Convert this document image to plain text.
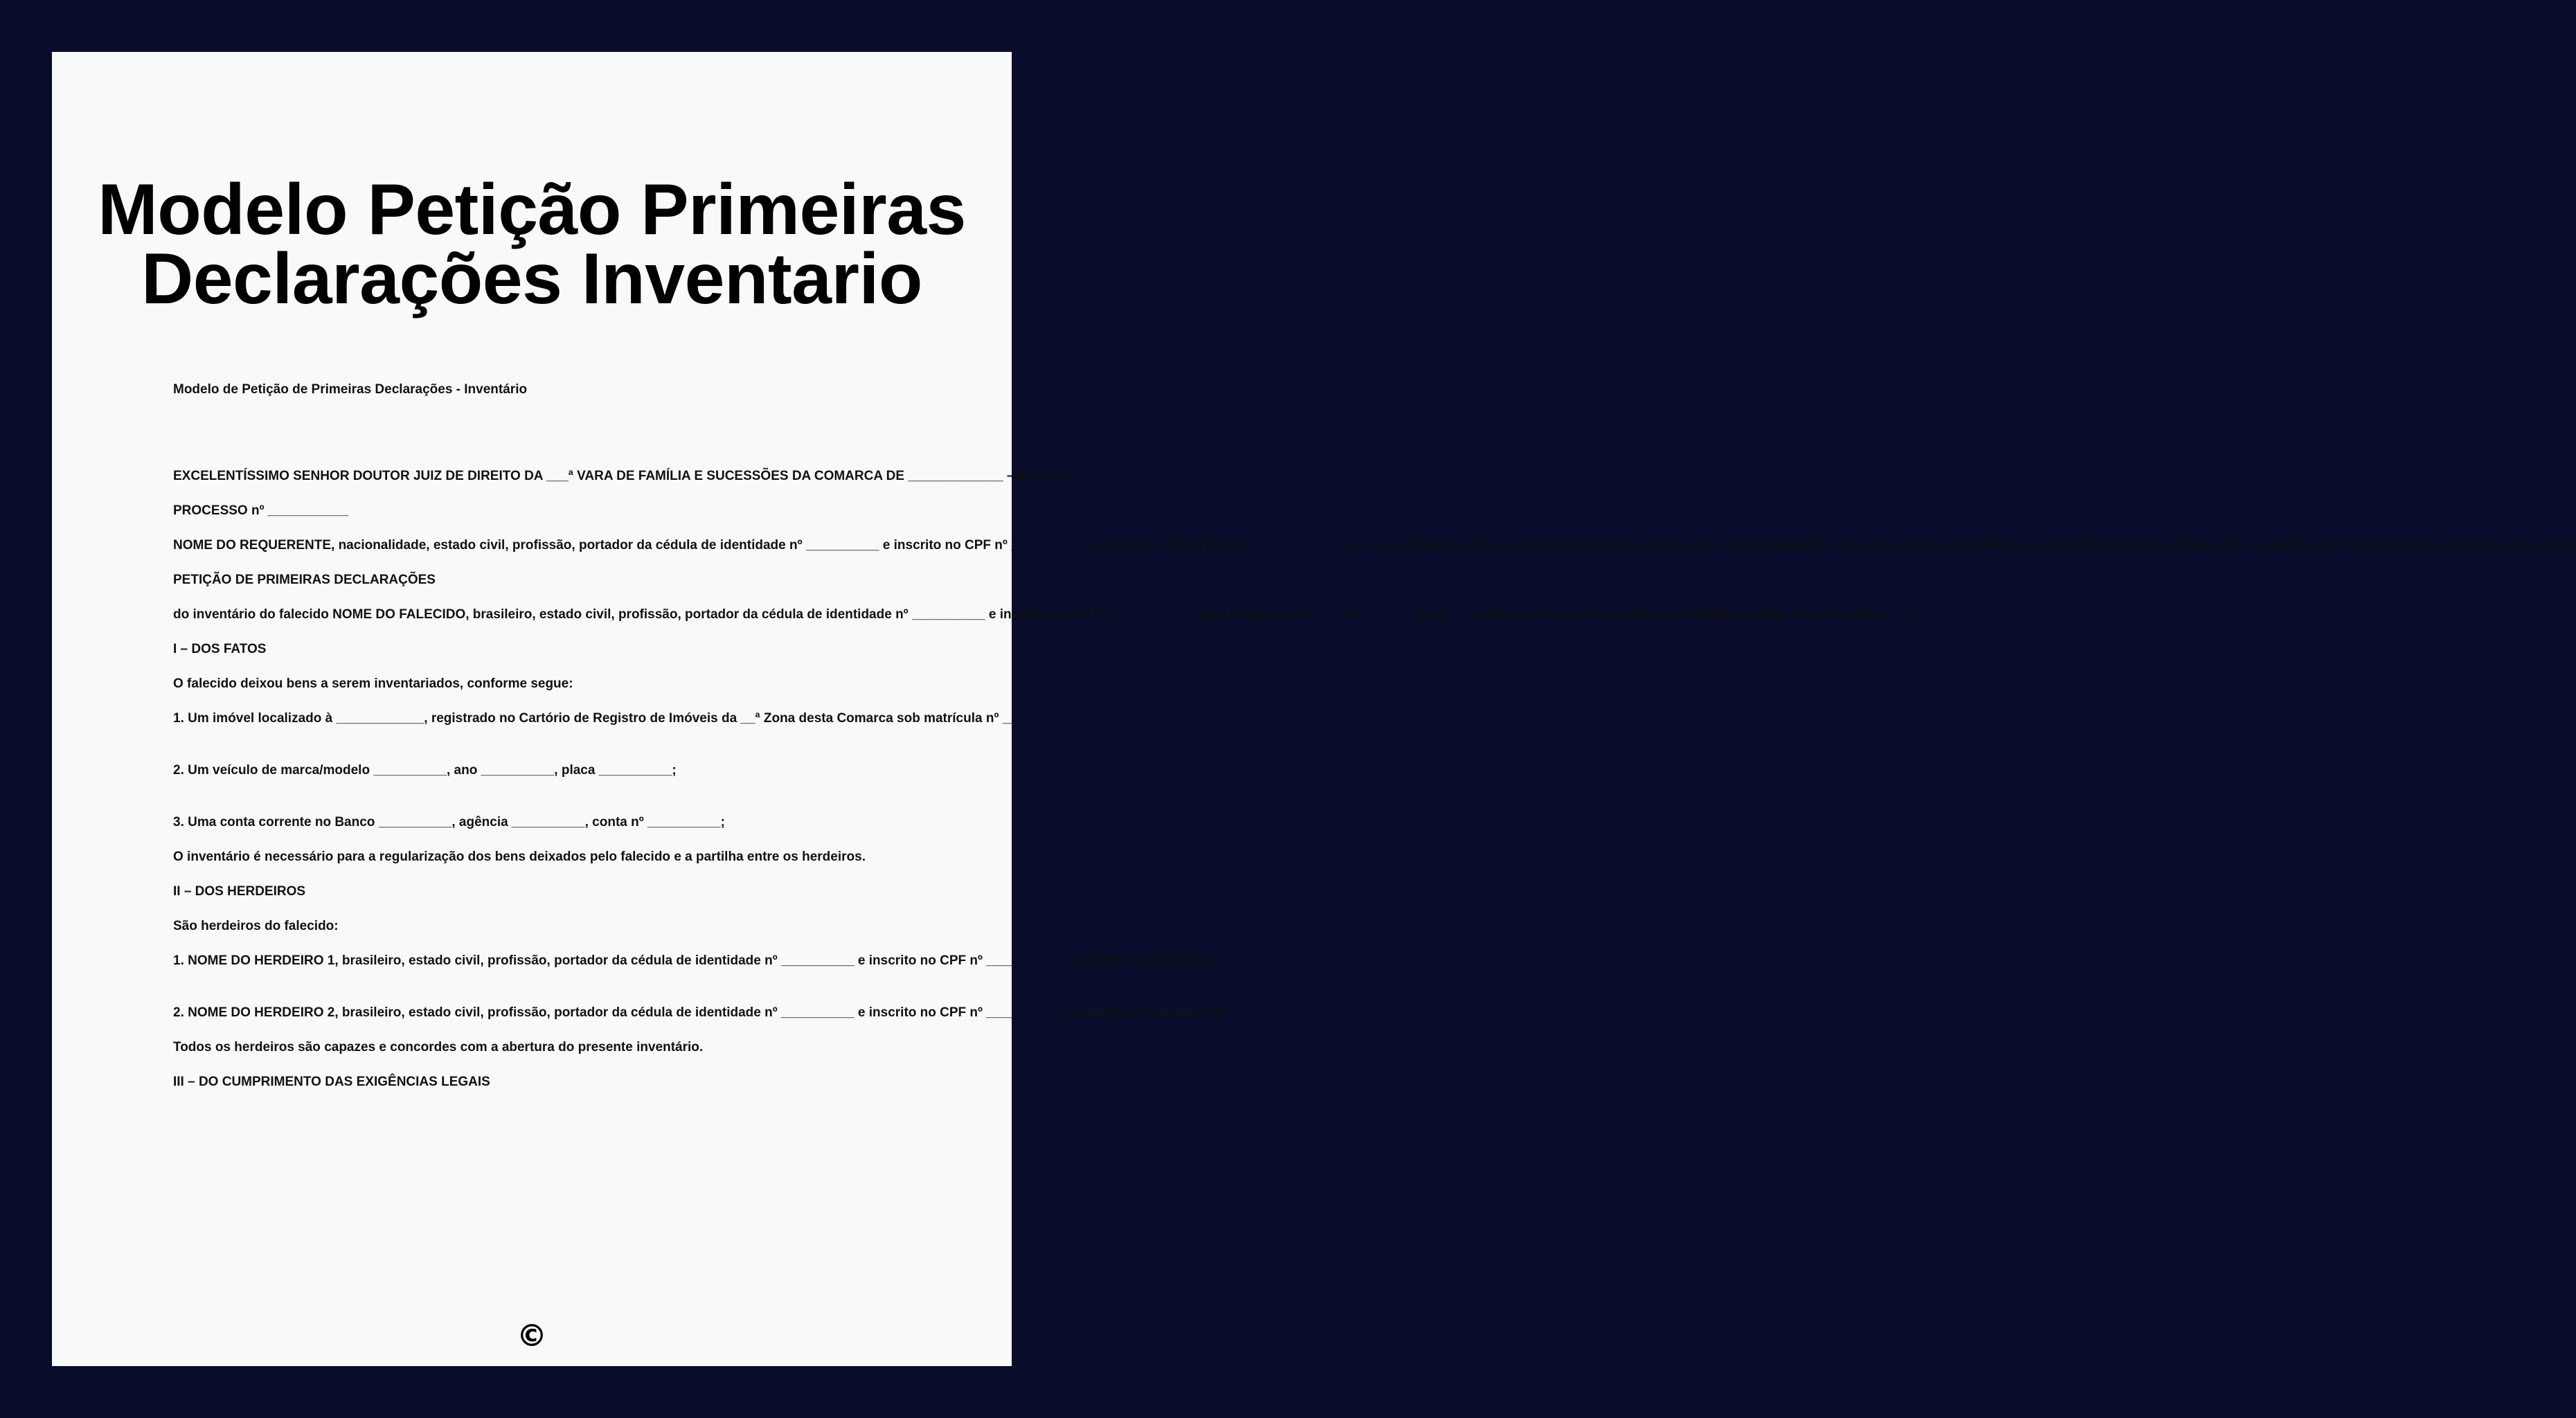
Modelo Petição Primeiras
Declarações Inventario

Modelo de Petição de Primeiras Declarações - Inventário

EXCELENTÍSSIMO SENHOR DOUTOR JUIZ DE DIREITO DA ___ª VARA DE FAMÍLIA E SUCESSÕES DA COMARCA DE _____________ – ESTADO ___________

PROCESSO nº ___________

NOME DO REQUERENTE, nacionalidade, estado civil, profissão, portador da cédula de identidade nº __________ e inscrito no CPF nº __________, residente e domiciliado à ____________, por seu advogado infra-assinado (procuração anexa), vem, respeitosamente à presença de Vossa Excelência, com fundamento nos artigos 610 e seguintes do Código de Processo Civil, apresentar

PETIÇÃO DE PRIMEIRAS DECLARAÇÕES

do inventário do falecido NOME DO FALECIDO, brasileiro, estado civil, profissão, portador da cédula de identidade nº __________ e inscrito no CPF nº __________, que faleceu no dia ___ de _______ de 20___, nesta cidade, conforme atesta a certidão de óbito em anexo (doc. ___).

I – DOS FATOS

O falecido deixou bens a serem inventariados, conforme segue:

1. Um imóvel localizado à ____________, registrado no Cartório de Registro de Imóveis da __ª Zona desta Comarca sob matrícula nº __________;

2. Um veículo de marca/modelo __________, ano __________, placa __________;

3. Uma conta corrente no Banco __________, agência __________, conta nº __________;

O inventário é necessário para a regularização dos bens deixados pelo falecido e a partilha entre os herdeiros.

II – DOS HERDEIROS

São herdeiros do falecido:

1. NOME DO HERDEIRO 1, brasileiro, estado civil, profissão, portador da cédula de identidade nº __________ e inscrito no CPF nº __________, residente e domiciliado à ____________;

2. NOME DO HERDEIRO 2, brasileiro, estado civil, profissão, portador da cédula de identidade nº __________ e inscrito no CPF nº __________, residente e domiciliado à ____________.

Todos os herdeiros são capazes e concordes com a abertura do presente inventário.

III – DO CUMPRIMENTO DAS EXIGÊNCIAS LEGAIS

©
